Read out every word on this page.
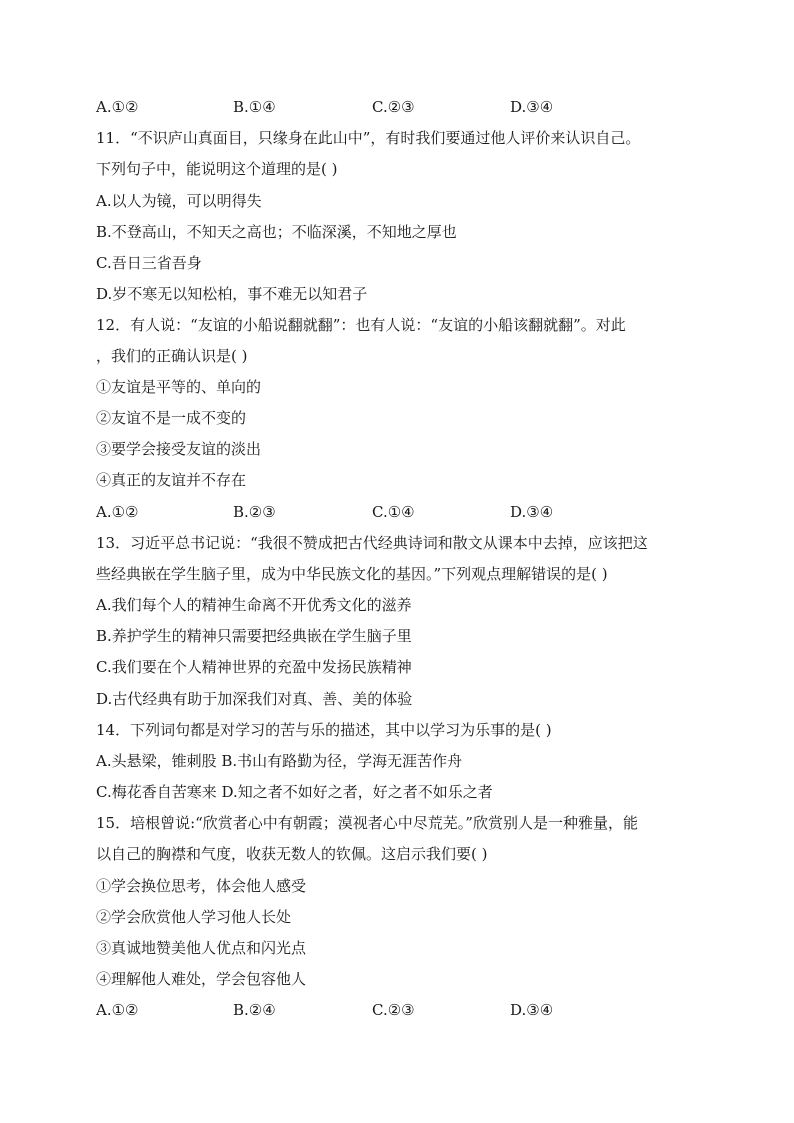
A.①②	B.①④	C.②③	D.③④
11．“不识庐山真面目，只缘身在此山中”，有时我们要通过他人评价来认识自己。
下列句子中，能说明这个道理的是( )
A.以人为镜，可以明得失
B.不登高山，不知天之高也；不临深溪，不知地之厚也
C.吾日三省吾身
D.岁不寒无以知松柏，事不难无以知君子
12．有人说：“友谊的小船说翻就翻”：也有人说：“友谊的小船该翻就翻”。对此
，我们的正确认识是( )
①友谊是平等的、单向的
②友谊不是一成不变的
③要学会接受友谊的淡出
④真正的友谊并不存在
A.①②	B.②③	C.①④	D.③④
13．习近平总书记说：“我很不赞成把古代经典诗词和散文从课本中去掉，应该把这
些经典嵌在学生脑子里，成为中华民族文化的基因。”下列观点理解错误的是( )
A.我们每个人的精神生命离不开优秀文化的滋养
B.养护学生的精神只需要把经典嵌在学生脑子里
C.我们要在个人精神世界的充盈中发扬民族精神
D.古代经典有助于加深我们对真、善、美的体验
14．下列词句都是对学习的苦与乐的描述，其中以学习为乐事的是( )
A.头悬梁，锥刺股 B.书山有路勤为径，学海无涯苦作舟
C.梅花香自苦寒来 D.知之者不如好之者，好之者不如乐之者
15．培根曾说:“欣赏者心中有朝霞；漠视者心中尽荒芜。”欣赏别人是一种雅量，能
以自己的胸襟和气度，收获无数人的钦佩。这启示我们要( )
①学会换位思考，体会他人感受
②学会欣赏他人学习他人长处
③真诚地赞美他人优点和闪光点
④理解他人难处，学会包容他人
A.①②	B.②④	C.②③	D.③④
